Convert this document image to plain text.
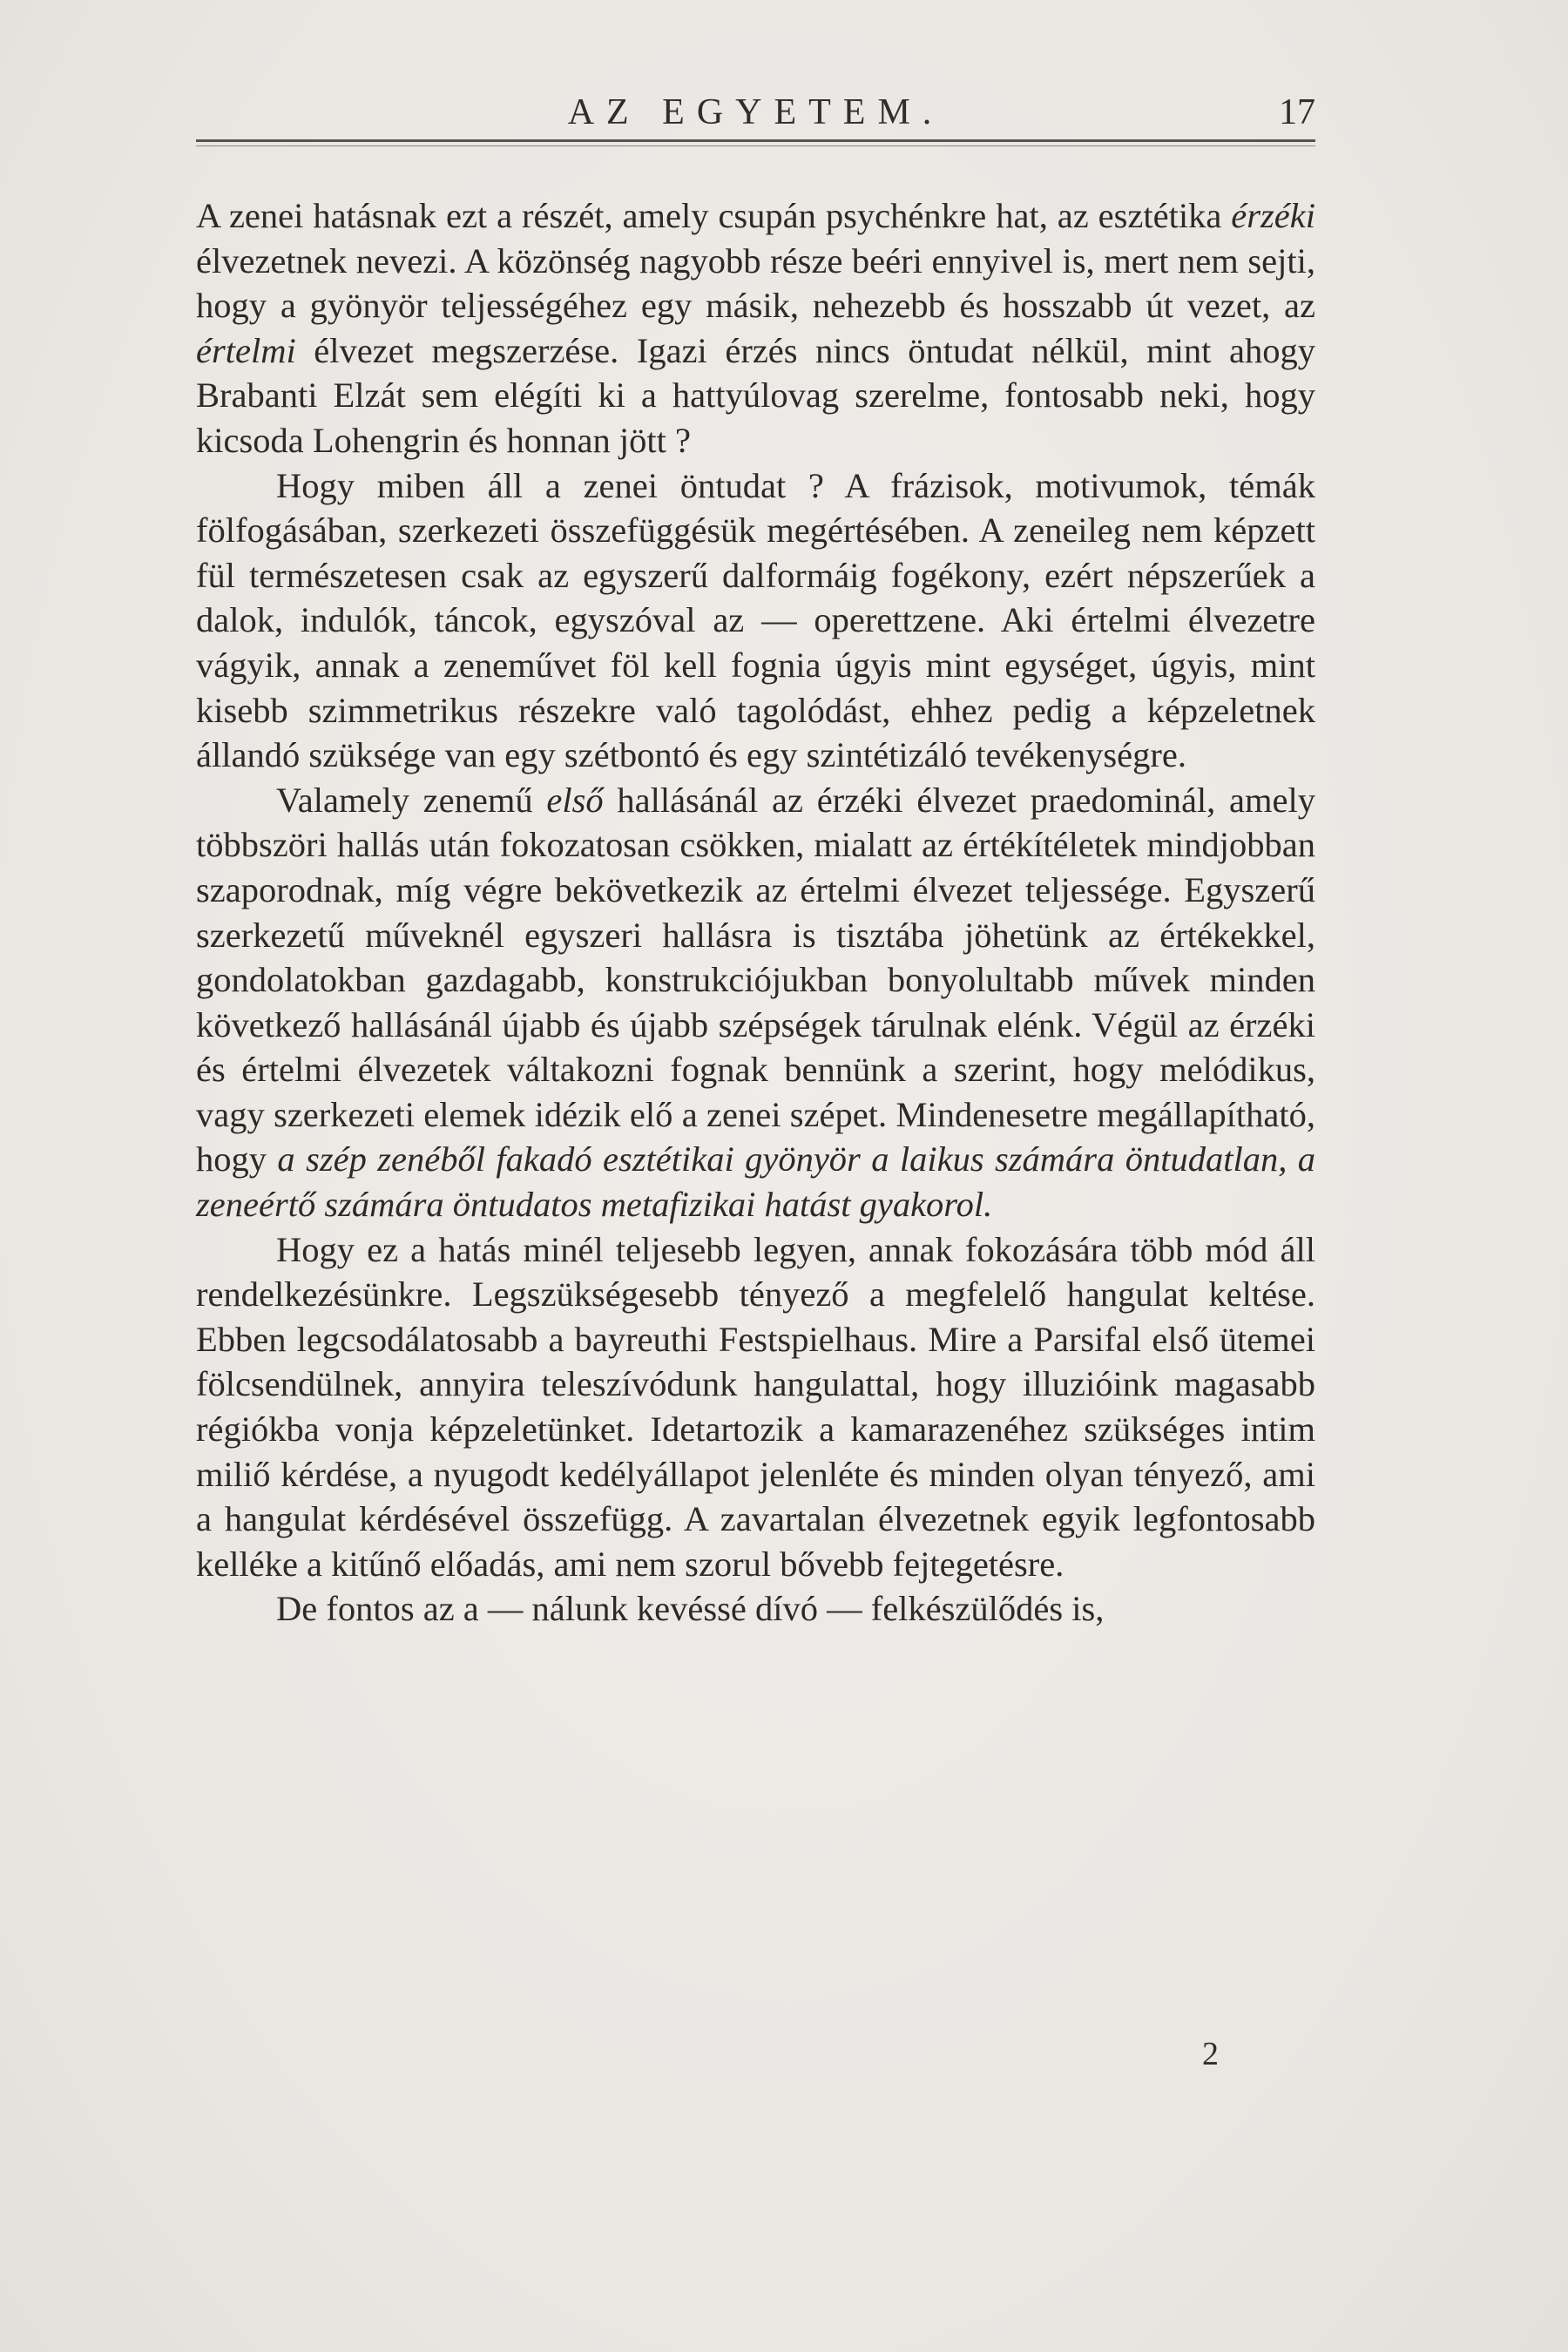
AZ EGYETEM.	17

A zenei hatásnak ezt a részét, amely csupán psychénkre hat, az esztétika érzéki élvezetnek nevezi. A közönség nagyobb része beéri ennyivel is, mert nem sejti, hogy a gyönyör teljességéhez egy másik, nehezebb és hosszabb út vezet, az értelmi élvezet megszerzése. Igazi érzés nincs öntudat nélkül, mint ahogy Brabanti Elzát sem elégíti ki a hattyúlovag szerelme, fontosabb neki, hogy kicsoda Lohengrin és honnan jött ?

Hogy miben áll a zenei öntudat ? A frázisok, motivumok, témák fölfogásában, szerkezeti összefüggésük megértésében. A zeneileg nem képzett fül természetesen csak az egyszerű dalformáig fogékony, ezért népszerűek a dalok, indulók, táncok, egyszóval az — operettzene. Aki értelmi élvezetre vágyik, annak a zeneművet föl kell fognia úgyis mint egységet, úgyis, mint kisebb szimmetrikus részekre való tagolódást, ehhez pedig a képzeletnek állandó szüksége van egy szétbontó és egy szintétizáló tevékenységre.

Valamely zenemű első hallásánál az érzéki élvezet praedominál, amely többszöri hallás után fokozatosan csökken, mialatt az értékítéletek mindjobban szaporodnak, míg végre bekövetkezik az értelmi élvezet teljessége. Egyszerű szerkezetű műveknél egyszeri hallásra is tisztába jöhetünk az értékekkel, gondolatokban gazdagabb, konstrukciójukban bonyolultabb művek minden következő hallásánál újabb és újabb szépségek tárulnak elénk. Végül az érzéki és értelmi élvezetek váltakozni fognak bennünk a szerint, hogy melódikus, vagy szerkezeti elemek idézik elő a zenei szépet. Mindenesetre megállapítható, hogy a szép zenéből fakadó esztétikai gyönyör a laikus számára öntudatlan, a zeneértő számára öntudatos metafizikai hatást gyakorol.

Hogy ez a hatás minél teljesebb legyen, annak fokozására több mód áll rendelkezésünkre. Legszükségesebb tényező a megfelelő hangulat keltése. Ebben legcsodálatosabb a bayreuthi Festspielhaus. Mire a Parsifal első ütemei fölcsendülnek, annyira teleszívódunk hangulattal, hogy illuzióink magasabb régiókba vonja képzeletünket. Idetartozik a kamarazenéhez szükséges intim miliő kérdése, a nyugodt kedélyállapot jelenléte és minden olyan tényező, ami a hangulat kérdésével összefügg. A zavartalan élvezetnek egyik legfontosabb kelléke a kitűnő előadás, ami nem szorul bővebb fejtegetésre.

De fontos az a — nálunk kevéssé dívó — felkészülődés is,

2
